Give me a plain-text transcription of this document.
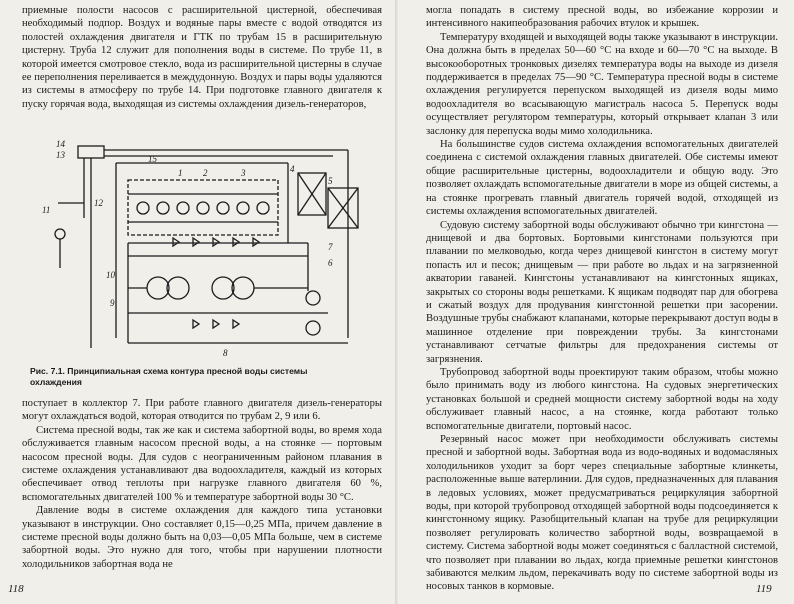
приемные полости насосов с расширительной цистерной, обеспечивая необходимый подпор. Воздух и водяные пары вместе с водой отводятся из полостей охлаждения двигателя и ГТК по трубам 15 в расширительную цистерну. Труба 12 служит для пополнения воды в системе. По трубе 11, в которой имеется смотровое стекло, вода из расширительной цистерны в случае ее переполнения переливается в междудонную. Воздух и пары воды удаляются из системы в атмосферу по трубе 14. При подготовке главного двигателя к пуску горячая вода, выходящая из системы охлаждения дизель-генераторов,

14
13	15
12
11
1 2	3	4
5
7
6
10
9
8
Рис. 7.1. Принципиальная схема контура пресной воды системы охлаждения

поступает в коллектор 7. При работе главного двигателя дизель-генераторы могут охлаждаться водой, которая отводится по трубам 2, 9 или 6.

Система пресной воды, так же как и система забортной воды, во время хода обслуживается главным насосом пресной воды, а на стоянке — портовым насосом пресной воды. Для судов с неограниченным районом плавания в системе охлаждения устанавливают два водоохладителя, каждый из которых обеспечивает отвод теплоты при нагрузке главного двигателя 60 %, вспомогательных двигателей 100 % и температуре забортной воды 30 °С.

Давление воды в системе охлаждения для каждого типа установки указывают в инструкции. Оно составляет 0,15—0,25 МПа, причем давление в системе пресной воды должно быть на 0,03—0,05 МПа больше, чем в системе забортной воды. Это нужно для того, чтобы при нарушении плотности холодильников забортная вода не

118

могла попадать в систему пресной воды, во избежание коррозии и интенсивного накипеобразования рабочих втулок и крышек.

Температуру входящей и выходящей воды также указывают в инструкции. Она должна быть в пределах 50—60 °С на входе и 60—70 °С на выходе. В высокооборотных тронковых дизелях температура воды на выходе из дизеля поддерживается в пределах 75—90 °С. Температура пресной воды в системе охлаждения регулируется перепуском выходящей из дизеля воды мимо водоохладителя во всасывающую магистраль насоса 5. Перепуск воды осуществляет регулятором температуры, который открывает клапан 3 или заслонку для перепуска воды мимо холодильника.

На большинстве судов система охлаждения вспомогательных двигателей соединена с системой охлаждения главных двигателей. Обе системы имеют общие расширительные цистерны, водоохладители и общую воду. Это позволяет охлаждать вспомогательные двигатели в море из общей системы, а на стоянке прогревать главный двигатель горячей водой, отходящей из системы охлаждения вспомогательных двигателей.

Судовую систему забортной воды обслуживают обычно три кингстона — днищевой и два бортовых. Бортовыми кингстонами пользуются при плавании по мелководью, когда через днищевой кингстон в систему могут попасть ил и песок; днищевым — при работе во льдах и на загрязненной акватории гаваней. Кингстоны устанавливают на кингстонных ящиках, закрытых со стороны воды решетками. К ящикам подводят пар для обогрева и сжатый воздух для продувания кингстонной решетки при засорении. Воздушные трубы снабжают клапанами, которые перекрывают доступ воды в машинное отделение при повреждении трубы. За кингстонами устанавливают сетчатые фильтры для предохранения системы от загрязнения.

Трубопровод забортной воды проектируют таким образом, чтобы можно было принимать воду из любого кингстона. На судовых энергетических установках большой и средней мощности систему забортной воды на ходу обслуживает главный насос, а на стоянке, когда работают только вспомогательные двигатели, портовый насос.

Резервный насос может при необходимости обслуживать системы пресной и забортной воды. Забортная вода из водо-водяных и водомасляных холодильников уходит за борт через специальные забортные клинкеты, расположенные выше ватерлинии. Для судов, предназначенных для плавания в ледовых условиях, может предусматриваться рециркуляция забортной воды, при которой трубопровод отходящей забортной воды подсоединяется к кингстонному ящику. Разобщительный клапан на трубе для рециркуляции позволяет регулировать количество забортной воды, возвращаемой в систему. Система забортной воды может соединяться с балластной системой, что позволяет при плавании во льдах, когда приемные решетки кингстонов забиваются мелким льдом, перекачивать воду по системе забортной воды из носовых танков в кормовые.	119
